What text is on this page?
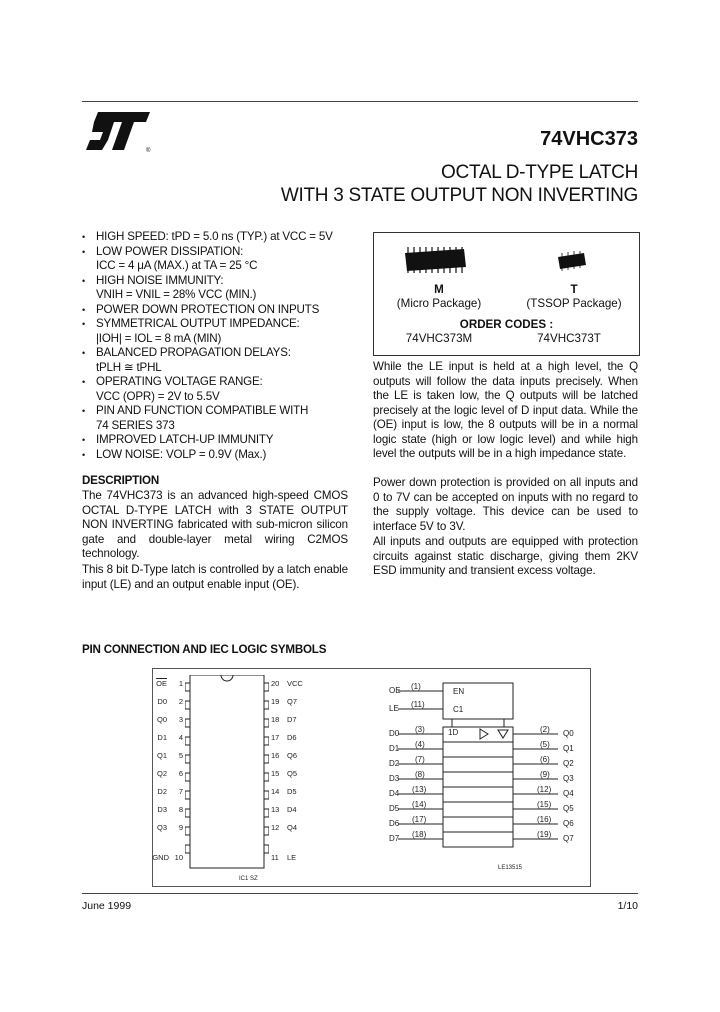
®
74VHC373
OCTAL D-TYPE LATCH
WITH 3 STATE OUTPUT NON INVERTING
• HIGH SPEED: tPD = 5.0 ns (TYP.) at VCC = 5V
• LOW POWER DISSIPATION:
ICC = 4 μA (MAX.) at TA = 25 °C
• HIGH NOISE IMMUNITY:
VNIH = VNIL = 28% VCC (MIN.)
• POWER DOWN PROTECTION ON INPUTS
• SYMMETRICAL OUTPUT IMPEDANCE:
|IOH| = IOL = 8 mA (MIN)
• BALANCED PROPAGATION DELAYS:
tPLH ≅ tPHL
• OPERATING VOLTAGE RANGE:
VCC (OPR) = 2V to 5.5V
• PIN AND FUNCTION COMPATIBLE WITH
74 SERIES 373
• IMPROVED LATCH-UP IMMUNITY
• LOW NOISE: VOLP = 0.9V (Max.)
DESCRIPTION
The 74VHC373 is an advanced high-speed CMOS OCTAL D-TYPE LATCH with 3 STATE OUTPUT NON INVERTING fabricated with sub-micron silicon gate and double-layer metal wiring C2MOS technology.
This 8 bit D-Type latch is controlled by a latch enable input (LE) and an output enable input (OE).
M
(Micro Package)
T
(TSSOP Package)
ORDER CODES :
74VHC373M	74VHC373T
While the LE input is held at a high level, the Q outputs will follow the data inputs precisely. When the LE is taken low, the Q outputs will be latched precisely at the logic level of D input data. While the (OE) input is low, the 8 outputs will be in a normal logic state (high or low logic level) and while high level the outputs will be in a high impedance state.
Power down protection is provided on all inputs and 0 to 7V can be accepted on inputs with no regard to the supply voltage. This device can be used to interface 5V to 3V.
All inputs and outputs are equipped with protection circuits against static discharge, giving them 2KV ESD immunity and transient excess voltage.
PIN CONNECTION AND IEC LOGIC SYMBOLS
$\overline{OE}$	1
D0	2
Q0	3
D1	4
Q1	5
Q2	6
D2	7
D3	8
Q3	9
GND 10
20 VCC
19 Q7
18 D7
17 D6
16 Q6
15 Q5
14 D5
13 D4
12 Q4
11 LE
IC1 SZ
OE (1)
LE (11)
D0 (3)
D1 (4)
D2 (7)
D3 (8)
D4 (13)
D5 (14)
D6 (17)
D7 (18)
EN
C1
1D	(2) Q0
(5) Q1
(6) Q2
(9) Q3
(12) Q4
(15) Q5
(16) Q6
(19) Q7
LE13515
June 1999	1/10
